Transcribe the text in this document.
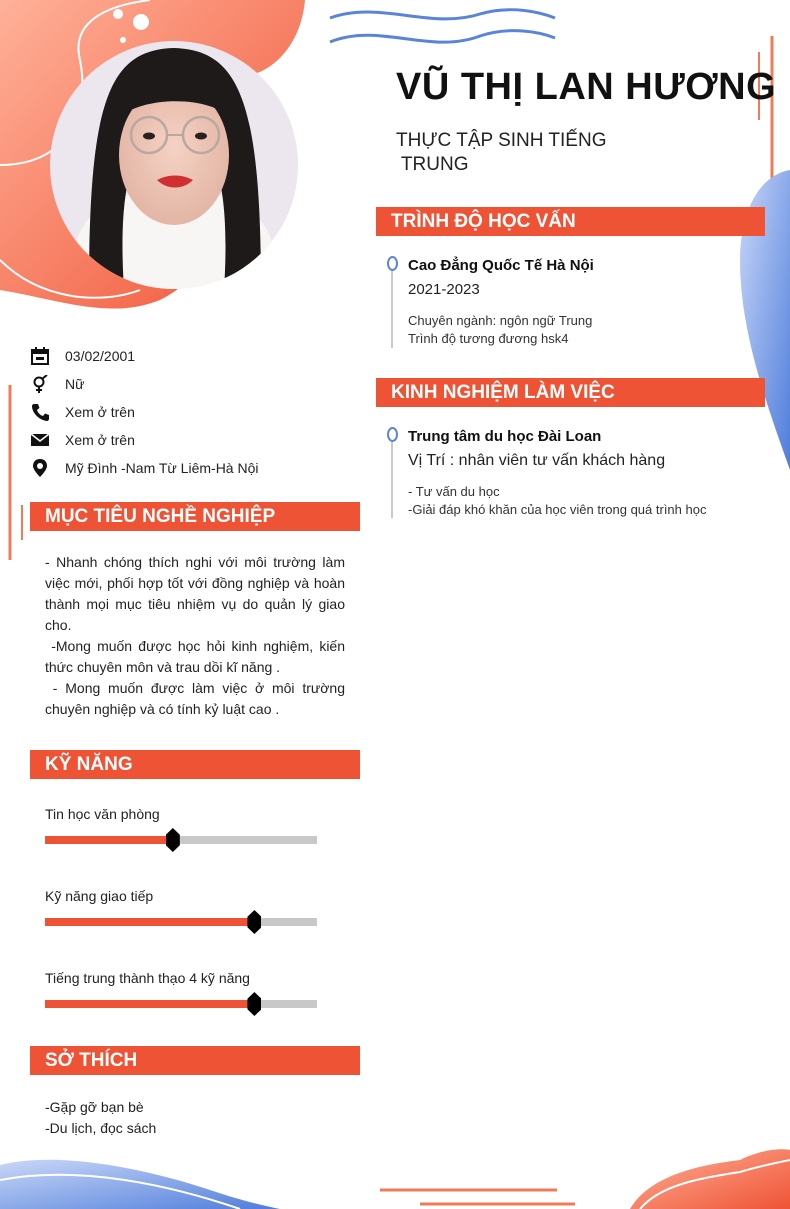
VŨ THỊ LAN HƯƠNG
THỰC TẬP SINH TIẾNG
TRUNG
03/02/2001
Nữ
Xem ở trên
Xem ở trên
Mỹ Đình -Nam Từ Liêm-Hà Nội
TRÌNH ĐỘ HỌC VẤN
Cao Đẳng Quốc Tế Hà Nội
2021-2023
Chuyên ngành: ngôn ngữ Trung
Trình độ tương đương hsk4
KINH NGHIỆM LÀM VIỆC
Trung tâm du học Đài Loan
Vị Trí : nhân viên tư vấn khách hàng
- Tư vấn du học
-Giải đáp khó khăn của học viên trong quá trình học
MỤC TIÊU NGHỀ NGHIỆP

- Nhanh chóng thích nghi với môi trường làm việc mới, phối hợp tốt với đồng nghiệp và hoàn thành mọi mục tiêu nhiệm vụ do quản lý giao cho.

-Mong muốn được học hỏi kinh nghiệm, kiến thức chuyên môn và trau dồi kĩ năng .

- Mong muốn được làm việc ở môi trường chuyên nghiệp và có tính kỷ luật cao .

KỸ NĂNG
Tin học văn phòng
Kỹ năng giao tiếp
Tiếng trung thành thạo 4 kỹ năng
SỞ THÍCH
-Gặp gỡ bạn bè
-Du lịch, đọc sách
